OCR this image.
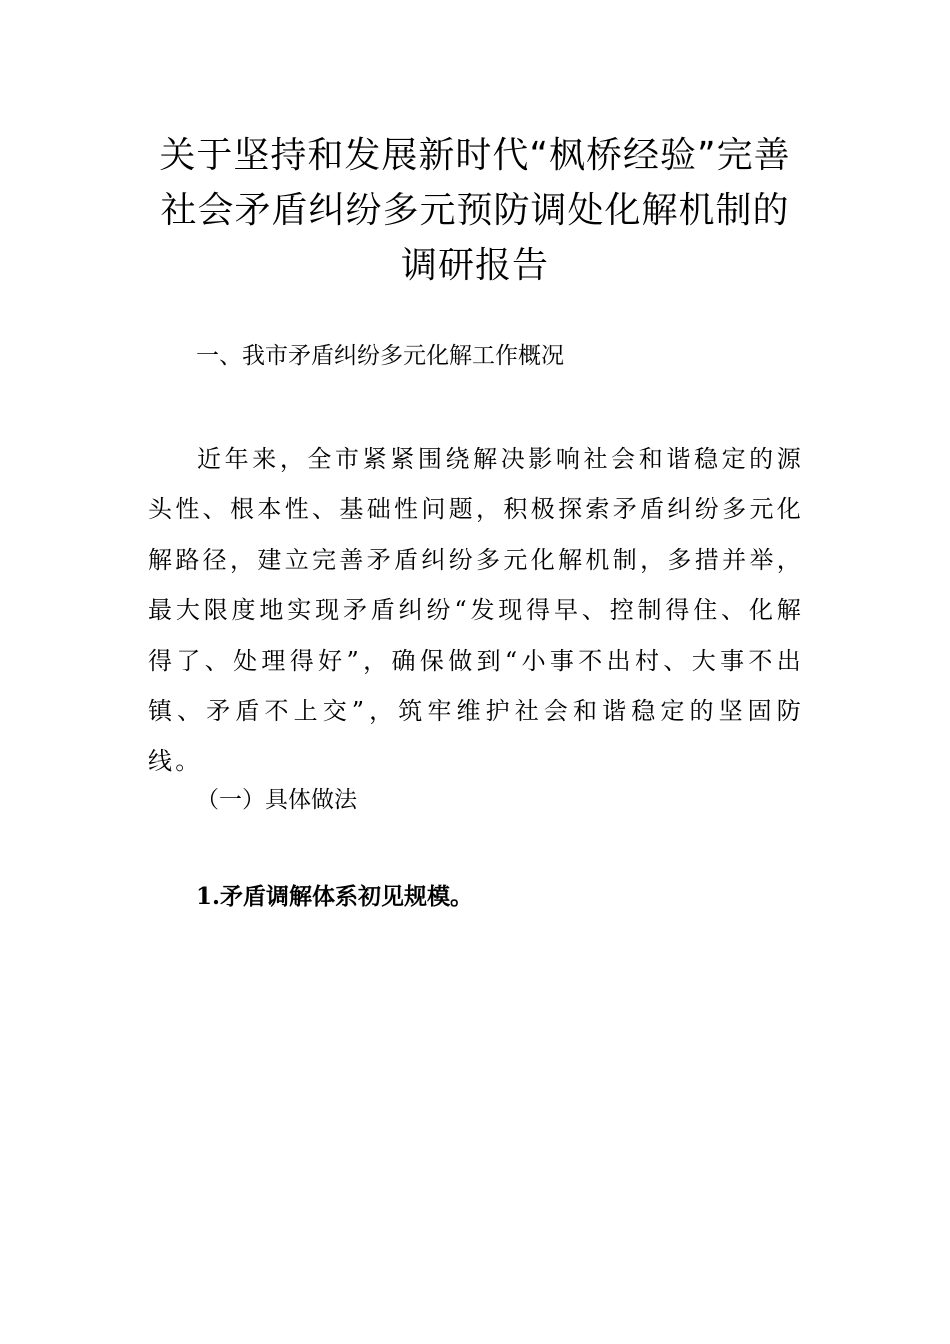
关于坚持和发展新时代“枫桥经验”完善
社会矛盾纠纷多元预防调处化解机制的
调研报告
一、我市矛盾纠纷多元化解工作概况

近年来，全市紧紧围绕解决影响社会和谐稳定的源头性、根本性、基础性问题，积极探索矛盾纠纷多元化解路径，建立完善矛盾纠纷多元化解机制，多措并举，最大限度地实现矛盾纠纷“发现得早、控制得住、化解得了、处理得好”，确保做到“小事不出村、大事不出镇、矛盾不上交”，筑牢维护社会和谐稳定的坚固防线。

（一）具体做法
1.矛盾调解体系初见规模。
